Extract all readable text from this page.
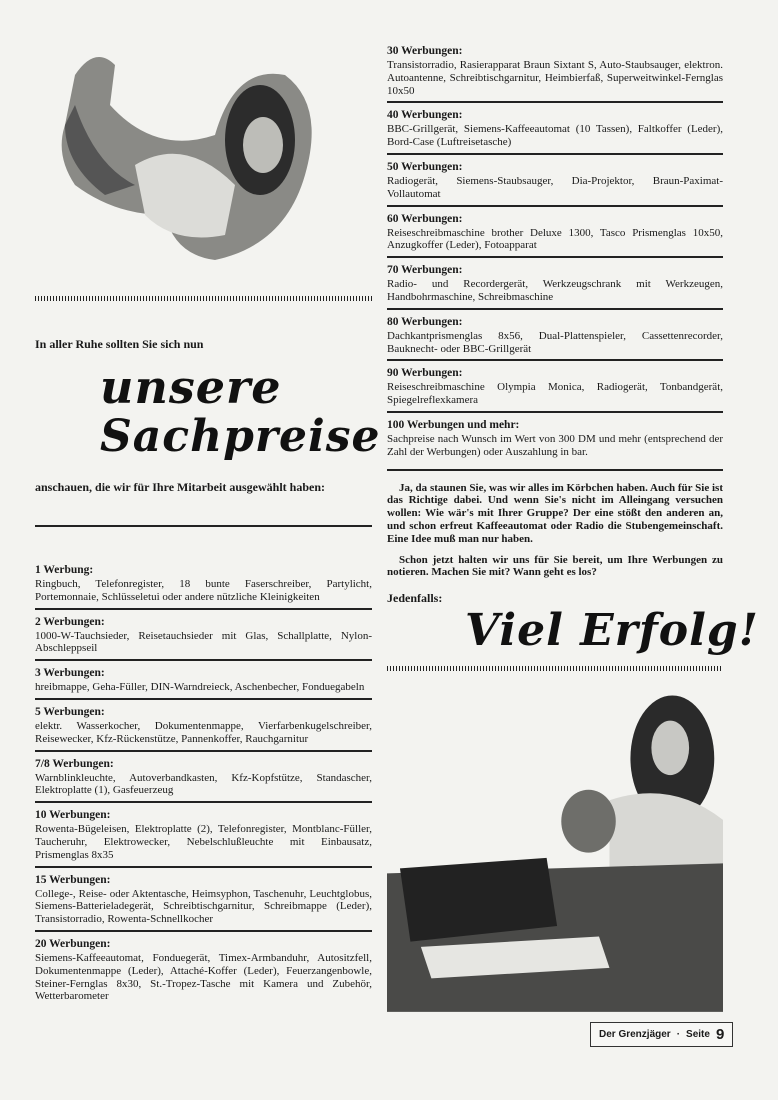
In aller Ruhe sollten Sie sich nun
unsere
Sachpreise
anschauen, die wir für Ihre Mitarbeit ausgewählt haben:
1 Werbung:

Ringbuch, Telefonregister, 18 bunte Faserschreiber, Partylicht, Portemonnaie, Schlüsseletui oder andere nützliche Kleinigkeiten

2 Werbungen:

1000-W-Tauchsieder, Reisetauchsieder mit Glas, Schallplatte, Nylon-Abschleppseil

3 Werbungen:

hreibmappe, Geha-Füller, DIN-Warndreieck, Aschenbecher, Fonduegabeln

5 Werbungen:

elektr. Wasserkocher, Dokumentenmappe, Vierfarbenkugelschreiber, Reisewecker, Kfz-Rückenstütze, Pannenkoffer, Rauchgarnitur

7/8 Werbungen:

Warnblinkleuchte, Autoverbandkasten, Kfz-Kopfstütze, Standascher, Elektroplatte (1), Gasfeuerzeug

10 Werbungen:

Rowenta-Bügeleisen, Elektroplatte (2), Telefonregister, Montblanc-Füller, Taucheruhr, Elektrowecker, Nebelschlußleuchte mit Einbausatz, Prismenglas 8x35

15 Werbungen:

College-, Reise- oder Aktentasche, Heimsyphon, Taschenuhr, Leuchtglobus, Siemens-Batterieladegerät, Schreibtischgarnitur, Schreibmappe (Leder), Transistorradio, Rowenta-Schnellkocher

20 Werbungen:

Siemens-Kaffeeautomat, Fonduegerät, Timex-Armbanduhr, Autositzfell, Dokumentenmappe (Leder), Attaché-Koffer (Leder), Feuerzangenbowle, Steiner-Fernglas 8x30, St.-Tropez-Tasche mit Kamera und Zubehör, Wetterbarometer

30 Werbungen:

Transistorradio, Rasierapparat Braun Sixtant S, Auto-Staubsauger, elektron. Autoantenne, Schreibtischgarnitur, Heimbierfaß, Superweitwinkel-Fernglas 10x50

40 Werbungen:

BBC-Grillgerät, Siemens-Kaffeeautomat (10 Tassen), Faltkoffer (Leder), Bord-Case (Luftreisetasche)

50 Werbungen:

Radiogerät, Siemens-Staubsauger, Dia-Projektor, Braun-Paximat-Vollautomat

60 Werbungen:

Reiseschreibmaschine brother Deluxe 1300, Tasco Prismenglas 10x50, Anzugkoffer (Leder), Fotoapparat

70 Werbungen:

Radio- und Recordergerät, Werkzeugschrank mit Werkzeugen, Handbohrmaschine, Schreibmaschine

80 Werbungen:

Dachkantprismenglas 8x56, Dual-Plattenspieler, Cassettenrecorder, Bauknecht- oder BBC-Grillgerät

90 Werbungen:

Reiseschreibmaschine Olympia Monica, Radiogerät, Tonbandgerät, Spiegelreflexkamera

100 Werbungen und mehr:

Sachpreise nach Wunsch im Wert von 300 DM und mehr (entsprechend der Zahl der Werbungen) oder Auszahlung in bar.

Ja, da staunen Sie, was wir alles im Körbchen haben. Auch für Sie ist das Richtige dabei. Und wenn Sie's nicht im Alleingang versuchen wollen: Wie wär's mit Ihrer Gruppe? Der eine stößt den anderen an, und schon erfreut Kaffeeautomat oder Radio die Stubengemeinschaft. Eine Idee muß man nur haben.

Schon jetzt halten wir uns für Sie bereit, um Ihre Werbungen zu notieren. Machen Sie mit? Wann geht es los?

Jedenfalls:
Viel Erfolg!
Der Grenzjäger · Seite 9
